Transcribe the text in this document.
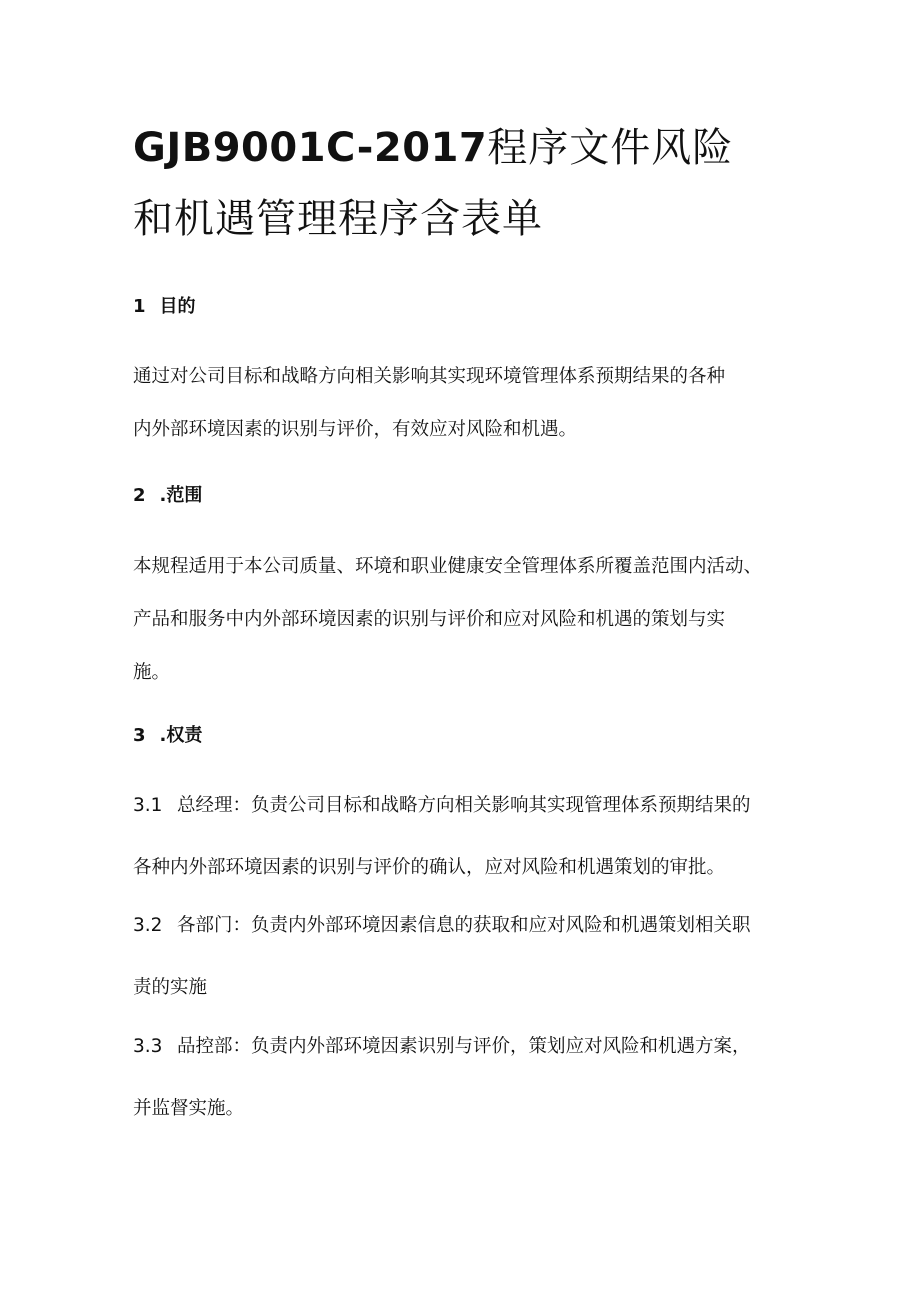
GJB9001C-2017程序文件风险
和机遇管理程序含表单
1 目的
通过对公司目标和战略方向相关影响其实现环境管理体系预期结果的各种
内外部环境因素的识别与评价，有效应对风险和机遇。
2 .范围
本规程适用于本公司质量、环境和职业健康安全管理体系所覆盖范围内活动、
产品和服务中内外部环境因素的识别与评价和应对风险和机遇的策划与实
施。
3 .权责
3.1 总经理：负责公司目标和战略方向相关影响其实现管理体系预期结果的
各种内外部环境因素的识别与评价的确认，应对风险和机遇策划的审批。
3.2 各部门：负责内外部环境因素信息的获取和应对风险和机遇策划相关职
责的实施
3.3 品控部：负责内外部环境因素识别与评价，策划应对风险和机遇方案，
并监督实施。
